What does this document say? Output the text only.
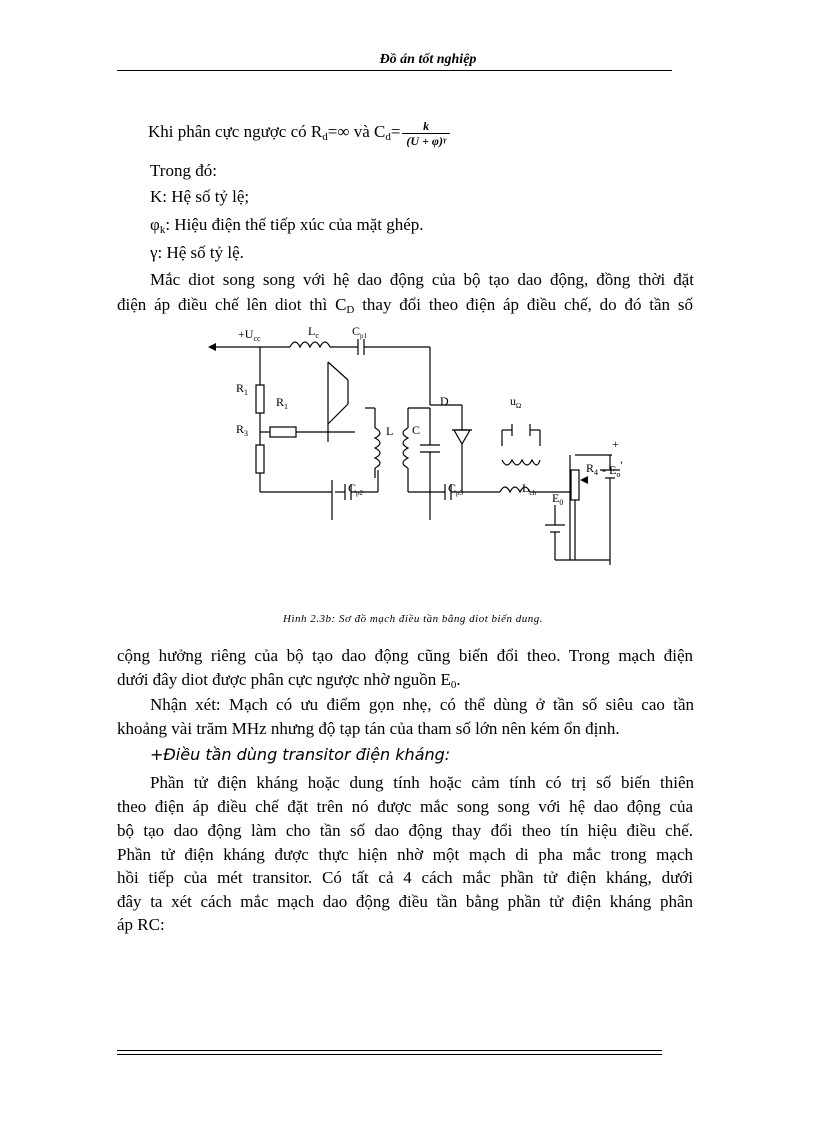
Đồ án tốt nghiệp
Khi phân cực ngược có $R_d=\infty$ và $C_d= \frac{k}{\text{(U + φ)ᵞ}}$
Trong đó:
K: Hệ số tỷ lệ;
$\varphi_k$: Hiệu điện thế tiếp xúc của mặt ghép.
γ: Hệ số tỷ lệ.
Mắc diot song song với hệ dao động của bộ tạo dao động, đồng thời đặt
điện áp điều chế lên diot thì $C_D$ thay đổi theo điện áp điều chế, do đó tần số
$+U_{cc}$
$L_c$	$C_{p1}$
$R_1$
$R_1$
$R_3$	L C
D	$u_\Omega$
$C_{p2}$	$C_{p3}$	$L_{ch}$
$R_4$
$E_0$
- $E_o'$
+
Hình 2.3b: Sơ đồ mạch điều tần bằng diot biến dung.
cộng hưởng riêng của bộ tạo dao động cũng biến đổi theo. Trong mạch điện
dưới đây diot được phân cực ngược nhờ nguồn $E_0$.
Nhận xét: Mạch có ưu điểm gọn nhẹ, có thể dùng ở tần số siêu cao tần
khoảng vài trăm MHz nhưng độ tạp tán của tham số lớn nên kém ổn định.
+Điều tần dùng transitor điện kháng:
Phần tử điện kháng hoặc dung tính hoặc cảm tính có trị số biến thiên
theo điện áp điều chế đặt trên nó được mắc song song với hệ dao động của
bộ tạo dao động làm cho tần số dao động thay đổi theo tín hiệu điều chế.
Phần tử điện kháng được thực hiện nhờ một mạch di pha mắc trong mạch
hồi tiếp của mét transitor. Có tất cả 4 cách mắc phần tử điện kháng, dưới
đây ta xét cách mắc mạch dao động điều tần bằng phần tử điện kháng phân
áp RC:
